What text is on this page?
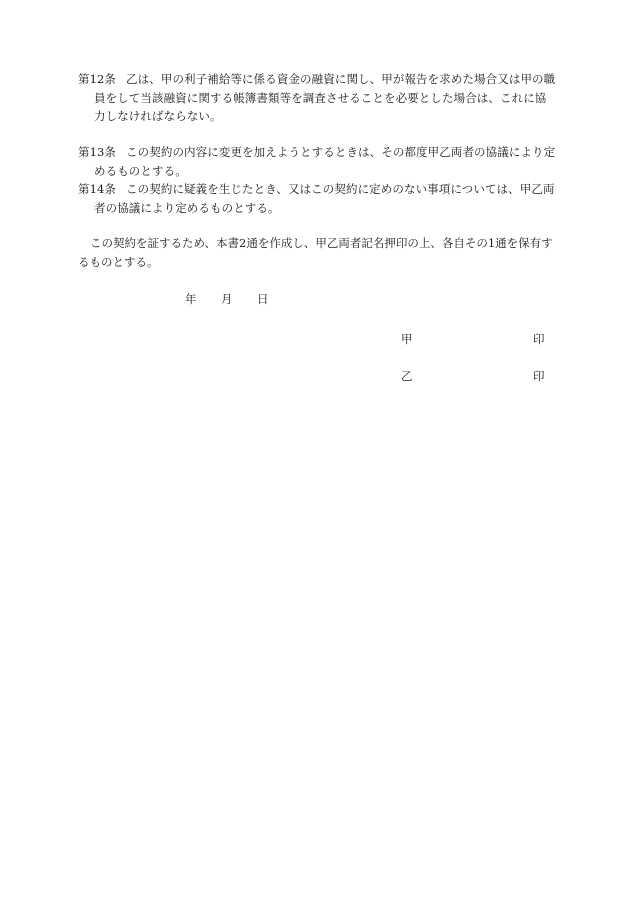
第12条 乙は、甲の利子補給等に係る資金の融資に関し、甲が報告を求めた場合又は甲の職員をして当該融資に関する帳簿書類等を調査させることを必要とした場合は、これに協力しなければならない。
第13条 この契約の内容に変更を加えようとするときは、その都度甲乙両者の協議により定めるものとする。
第14条 この契約に疑義を生じたとき、又はこの契約に定めのない事項については、甲乙両者の協議により定めるものとする。
この契約を証するため、本書2通を作成し、甲乙両者記名押印の上、各自その1通を保有するものとする。
年 月 日
甲	印
乙	印
